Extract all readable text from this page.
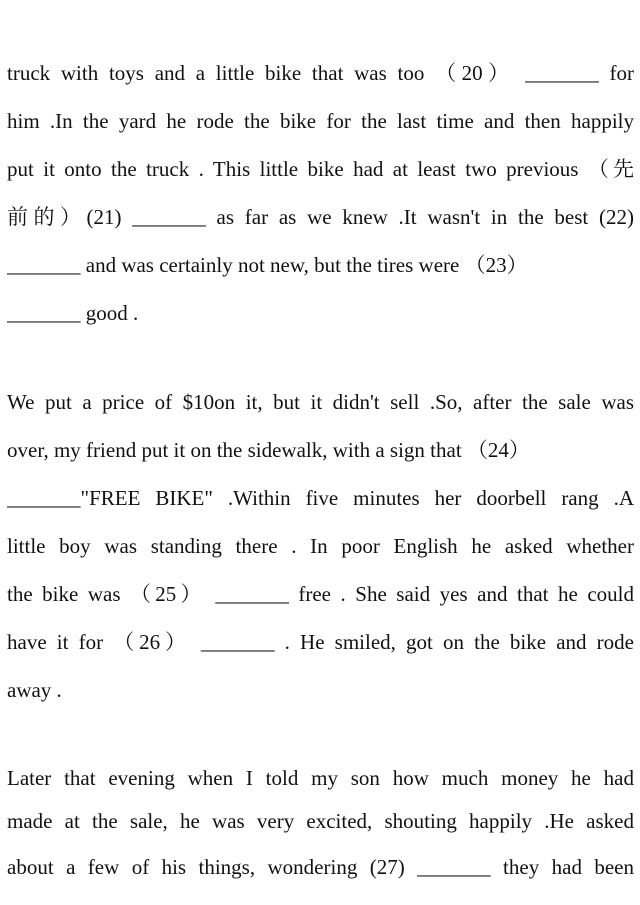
truck with toys and a little bike that was too （20） _______ for
him .In the yard he rode the bike for the last time and then happily
put it onto the truck . This little bike had at least two previous （先
前的）(21) _______ as far as we knew .It wasn't in the best (22)
_______ and was certainly not new, but the tires were （23）
_______ good .
We put a price of $10on it, but it didn't sell .So, after the sale was
over, my friend put it on the sidewalk, with a sign that （24）
_______"FREE BIKE" .Within five minutes her doorbell rang .A
little boy was standing there . In poor English he asked whether
the bike was （25） _______ free . She said yes and that he could
have it for （26） _______ . He smiled, got on the bike and rode
away .
Later that evening when I told my son how much money he had
made at the sale, he was very excited, shouting happily .He asked
about a few of his things, wondering (27) _______ they had been
